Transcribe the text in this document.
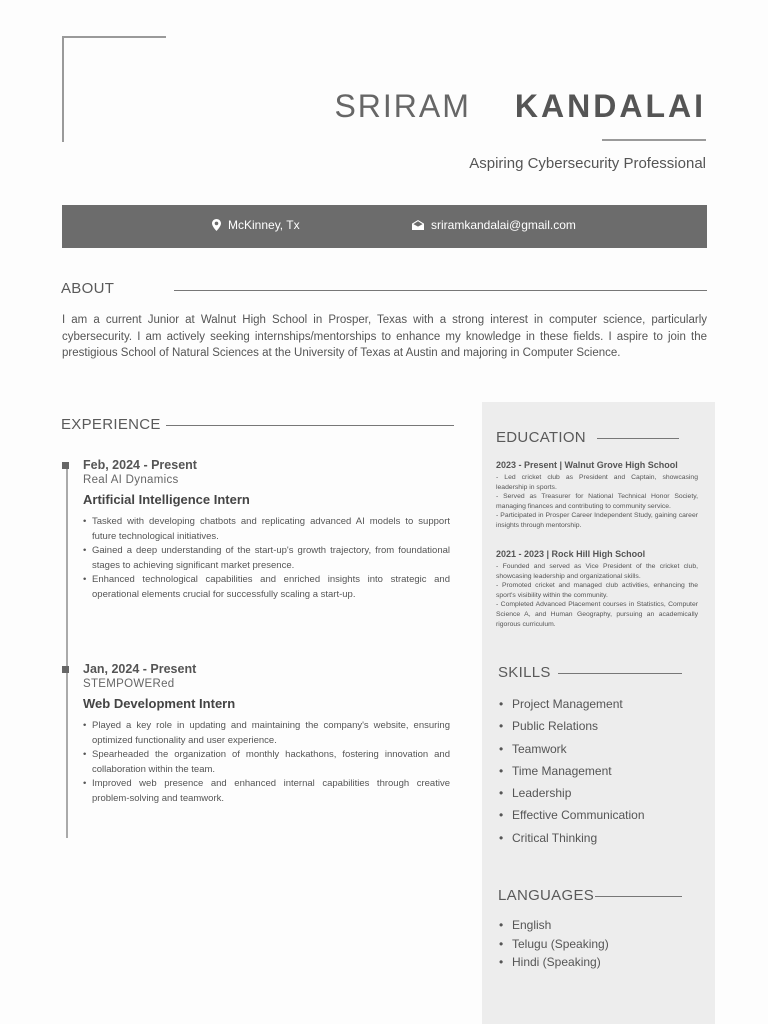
SRIRAM KANDALAI
Aspiring Cybersecurity Professional
McKinney, Tx	sriramkandalai@gmail.com
ABOUT

I am a current Junior at Walnut High School in Prosper, Texas with a strong interest in computer science, particularly cybersecurity. I am actively seeking internships/mentorships to enhance my knowledge in these fields. I aspire to join the prestigious School of Natural Sciences at the University of Texas at Austin and majoring in Computer Science.

EXPERIENCE
Feb, 2024 - Present
Real AI Dynamics
Artificial Intelligence Intern
• Tasked with developing chatbots and replicating advanced AI models to support future technological initiatives.
• Gained a deep understanding of the start-up's growth trajectory, from foundational stages to achieving significant market presence.
• Enhanced technological capabilities and enriched insights into strategic and operational elements crucial for successfully scaling a start-up.
Jan, 2024 - Present
STEMPOWERed
Web Development Intern
• Played a key role in updating and maintaining the company's website, ensuring optimized functionality and user experience.
• Spearheaded the organization of monthly hackathons, fostering innovation and collaboration within the team.
• Improved web presence and enhanced internal capabilities through creative problem-solving and teamwork.
EDUCATION
2023 - Present | Walnut Grove High School
- Led cricket club as President and Captain, showcasing leadership in sports.
- Served as Treasurer for National Technical Honor Society, managing finances and contributing to community service.
- Participated in Prosper Career Independent Study, gaining career insights through mentorship.
2021 - 2023 | Rock Hill High School
- Founded and served as Vice President of the cricket club, showcasing leadership and organizational skills.
- Promoted cricket and managed club activities, enhancing the sport's visibility within the community.
- Completed Advanced Placement courses in Statistics, Computer Science A, and Human Geography, pursuing an academically rigorous curriculum.
SKILLS
• Project Management
• Public Relations
• Teamwork
• Time Management
• Leadership
• Effective Communication
• Critical Thinking
LANGUAGES
• English
• Telugu (Speaking)
• Hindi (Speaking)
